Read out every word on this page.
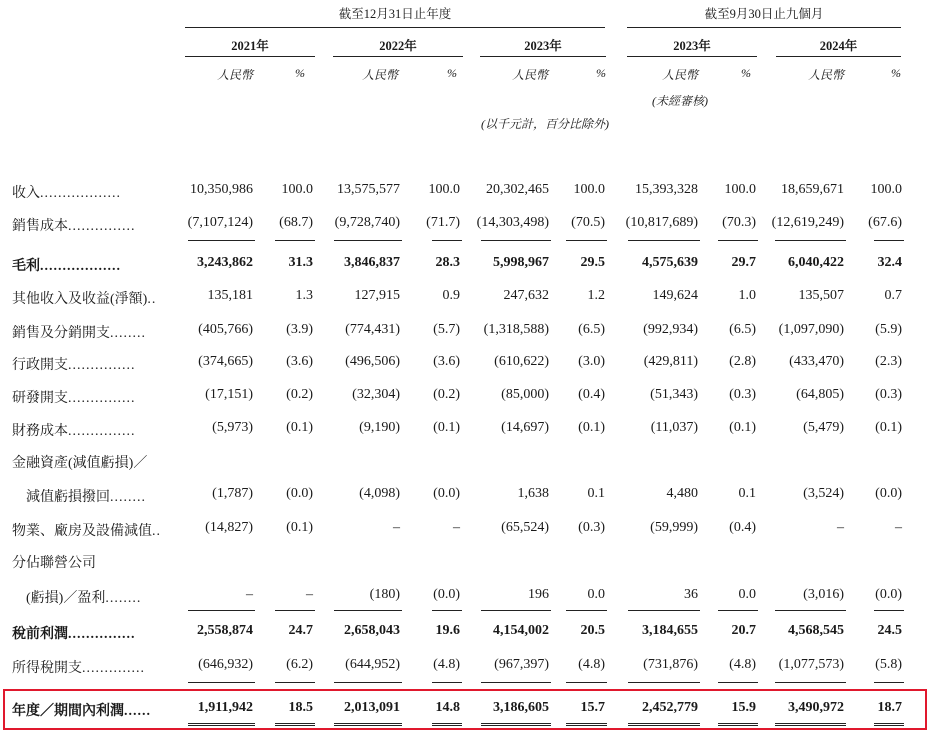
截至12月31日止年度	截至9月30日止九個月
2021年	2022年	2023年	2023年	2024年
人民幣	%	人民幣	%	人民幣	%	人民幣	%	人民幣	%
(未經審核)
(以千元計，百分比除外)
收入..................	10,350,986	100.0	13,575,577	100.0	20,302,465	100.0	15,393,328	100.0	18,659,671	100.0
銷售成本...............	(7,107,124)	(68.7)	(9,728,740)	(71.7)	(14,303,498)	(70.5)	(10,817,689)	(70.3)	(12,619,249)	(67.6)
毛利..................	3,243,862	31.3	3,846,837	28.3	5,998,967	29.5	4,575,639	29.7	6,040,422	32.4
其他收入及收益(淨額)..	135,181	1.3	127,915	0.9	247,632	1.2	149,624	1.0	135,507	0.7
銷售及分銷開支........	(405,766)	(3.9)	(774,431)	(5.7)	(1,318,588)	(6.5)	(992,934)	(6.5)	(1,097,090)	(5.9)
行政開支...............	(374,665)	(3.6)	(496,506)	(3.6)	(610,622)	(3.0)	(429,811)	(2.8)	(433,470)	(2.3)
研發開支...............	(17,151)	(0.2)	(32,304)	(0.2)	(85,000)	(0.4)	(51,343)	(0.3)	(64,805)	(0.3)
財務成本...............	(5,973)	(0.1)	(9,190)	(0.1)	(14,697)	(0.1)	(11,037)	(0.1)	(5,479)	(0.1)
金融資產(減值虧損)／
　減值虧損撥回........	(1,787)	(0.0)	(4,098)	(0.0)	1,638	0.1	4,480	0.1	(3,524)	(0.0)
物業、廠房及設備減值..	(14,827)	(0.1)	–	–	(65,524)	(0.3)	(59,999)	(0.4)	–	–
分佔聯營公司
　(虧損)／盈利........	–	–	(180)	(0.0)	196	0.0	36	0.0	(3,016)	(0.0)
稅前利潤...............	2,558,874	24.7	2,658,043	19.6	4,154,002	20.5	3,184,655	20.7	4,568,545	24.5
所得稅開支..............	(646,932)	(6.2)	(644,952)	(4.8)	(967,397)	(4.8)	(731,876)	(4.8)	(1,077,573)	(5.8)
年度／期間內利潤......	1,911,942	18.5	2,013,091	14.8	3,186,605	15.7	2,452,779	15.9	3,490,972	18.7
